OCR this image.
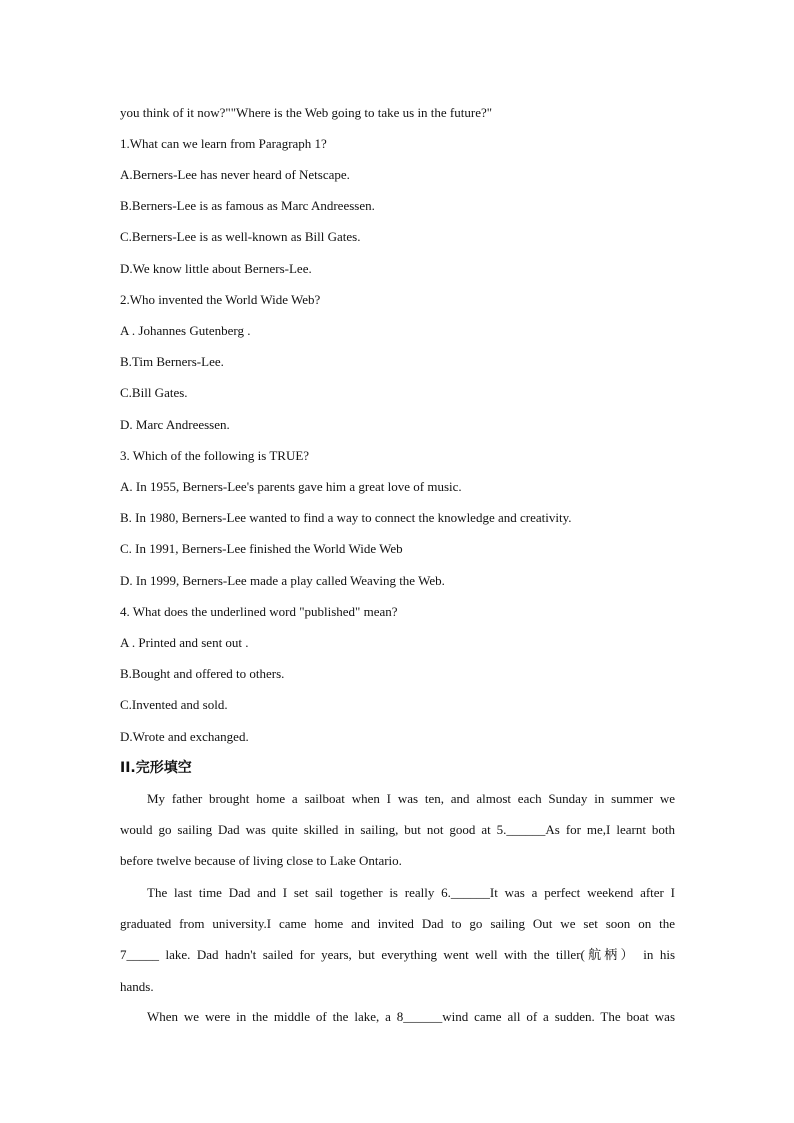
you think of it now?""Where is the Web going to take us in the future?"
1.What can we learn from Paragraph 1?
A.Berners-Lee has never heard of Netscape.
B.Berners-Lee is as famous as Marc Andreessen.
C.Berners-Lee is as well-known as Bill Gates.
D.We know little about Berners-Lee.
2.Who invented the World Wide Web?
A . Johannes Gutenberg .
B.Tim Berners-Lee.
C.Bill Gates.
D. Marc Andreessen.
3. Which of the following is TRUE?
A. In 1955, Berners-Lee's parents gave him a great love of music.
B. In 1980, Berners-Lee wanted to find a way to connect the knowledge and creativity.
C. In 1991, Berners-Lee finished the World Wide Web
D. In 1999, Berners-Lee made a play called Weaving the Web.
4. What does the underlined word "published" mean?
A . Printed and sent out .
B.Bought and offered to others.
C.Invented and sold.
D.Wrote and exchanged.
II.完形填空
My father brought home a sailboat when I was ten, and almost each Sunday in summer we
would go sailing Dad was quite skilled in sailing, but not good at 5.______As for me,I learnt both
before twelve because of living close to Lake Ontario.
The last time Dad and I set sail together is really 6.______It was a perfect weekend after I
graduated from university.I came home and invited Dad to go sailing Out we set soon on the
7_____ lake. Dad hadn't sailed for years, but everything went well with the tiller(航柄） in his
hands.
When we were in the middle of the lake, a 8______wind came all of a sudden. The boat was
